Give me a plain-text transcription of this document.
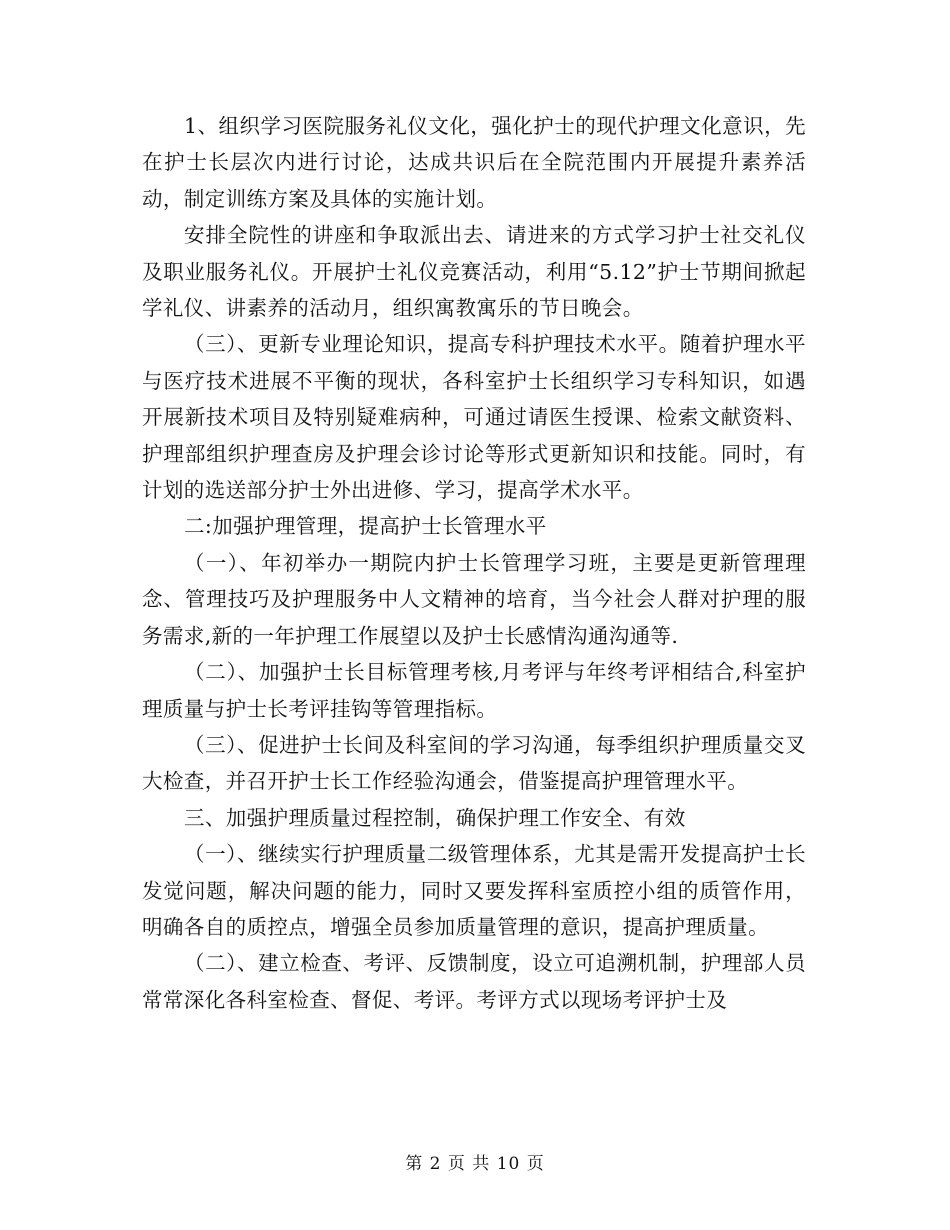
1、组织学习医院服务礼仪文化，强化护士的现代护理文化意识，先在护士长层次内进行讨论，达成共识后在全院范围内开展提升素养活动，制定训练方案及具体的实施计划。

安排全院性的讲座和争取派出去、请进来的方式学习护士社交礼仪及职业服务礼仪。开展护士礼仪竞赛活动，利用“5.12”护士节期间掀起学礼仪、讲素养的活动月，组织寓教寓乐的节日晚会。

（三）、更新专业理论知识，提高专科护理技术水平。随着护理水平与医疗技术进展不平衡的现状，各科室护士长组织学习专科知识，如遇开展新技术项目及特别疑难病种，可通过请医生授课、检索文献资料、护理部组织护理查房及护理会诊讨论等形式更新知识和技能。同时，有计划的选送部分护士外出进修、学习，提高学术水平。

二:加强护理管理，提高护士长管理水平

（一）、年初举办一期院内护士长管理学习班，主要是更新管理理念、管理技巧及护理服务中人文精神的培育，当今社会人群对护理的服务需求,新的一年护理工作展望以及护士长感情沟通沟通等.

（二）、加强护士长目标管理考核,月考评与年终考评相结合,科室护理质量与护士长考评挂钩等管理指标。

（三）、促进护士长间及科室间的学习沟通，每季组织护理质量交叉大检查，并召开护士长工作经验沟通会，借鉴提高护理管理水平。

三、加强护理质量过程控制，确保护理工作安全、有效

（一）、继续实行护理质量二级管理体系，尤其是需开发提高护士长发觉问题，解决问题的能力，同时又要发挥科室质控小组的质管作用，明确各自的质控点，增强全员参加质量管理的意识，提高护理质量。

（二）、建立检查、考评、反馈制度，设立可追溯机制，护理部人员常常深化各科室检查、督促、考评。考评方式以现场考评护士及

第 2 页 共 10 页
